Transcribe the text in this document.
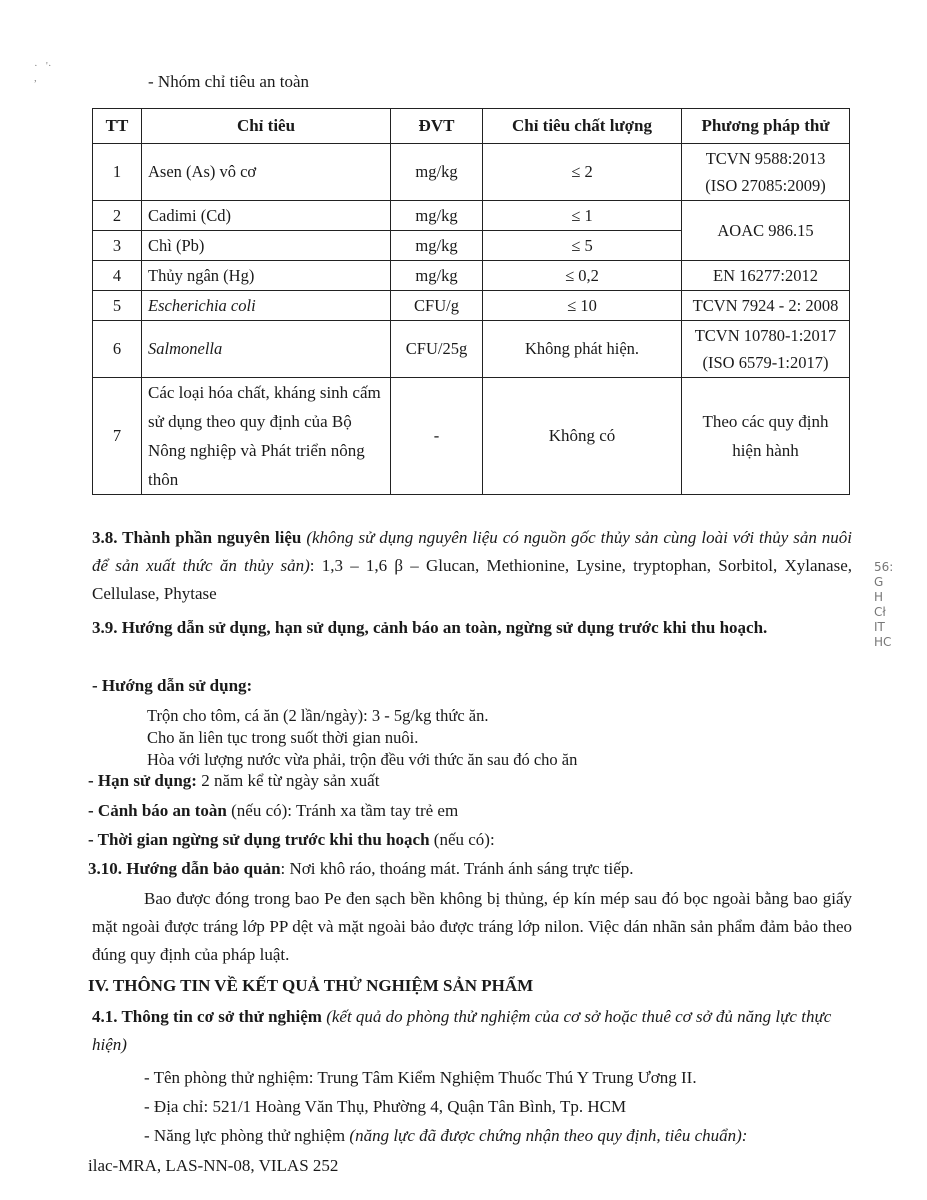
·   '·
,	- Nhóm chỉ tiêu an toàn
TT	Chỉ tiêu	ĐVT	Chỉ tiêu chất lượng	Phương pháp thử
1	Asen (As) vô cơ	mg/kg	≤ 2	TCVN 9588:2013
(ISO 27085:2009)

2	Cadimi (Cd)	mg/kg	≤ 1	AOAC 986.15
3	Chì (Pb)	mg/kg	≤ 5	
4	Thủy ngân (Hg)	mg/kg	≤ 0,2	EN 16277:2012
5	Escherichia coli	CFU/g	≤ 10	TCVN 7924 - 2: 2008
6	Salmonella	CFU/25g	Không phát hiện.	TCVN 10780-1:2017
(ISO 6579-1:2017)

7	Các loại hóa chất, kháng sinh cấm sử dụng theo quy định của Bộ Nông nghiệp và Phát triển nông thôn	-	Không có	Theo các quy định
hiện hành
3.8. Thành phần nguyên liệu (không sử dụng nguyên liệu có nguồn gốc thủy sản cùng loài với thủy sản nuôi để sản xuất thức ăn thủy sản): 1,3 – 1,6 β – Glucan, Methionine, Lysine, tryptophan, Sorbitol, Xylanase, Cellulase, Phytase
3.9. Hướng dẫn sử dụng, hạn sử dụng, cảnh báo an toàn, ngừng sử dụng trước khi thu hoạch.
- Hướng dẫn sử dụng:
Trộn cho tôm, cá ăn (2 lần/ngày): 3 - 5g/kg thức ăn.
Cho ăn liên tục trong suốt thời gian nuôi.
Hòa với lượng nước vừa phải, trộn đều với thức ăn sau đó cho ăn
- Hạn sử dụng: 2 năm kể từ ngày sản xuất
- Cảnh báo an toàn (nếu có): Tránh xa tầm tay trẻ em
- Thời gian ngừng sử dụng trước khi thu hoạch (nếu có):
3.10. Hướng dẫn bảo quản: Nơi khô ráo, thoáng mát. Tránh ánh sáng trực tiếp.
Bao được đóng trong bao Pe đen sạch bền không bị thủng, ép kín mép sau đó bọc ngoài bằng bao giấy mặt ngoài được tráng lớp PP dệt và mặt ngoài bảo được tráng lớp nilon. Việc dán nhãn sản phẩm đảm bảo theo đúng quy định của pháp luật.
IV. THÔNG TIN VỀ KẾT QUẢ THỬ NGHIỆM SẢN PHẨM
4.1. Thông tin cơ sở thử nghiệm (kết quả do phòng thử nghiệm của cơ sở hoặc thuê cơ sở đủ năng lực thực hiện)
- Tên phòng thử nghiệm: Trung Tâm Kiểm Nghiệm Thuốc Thú Y Trung Ương II.
- Địa chỉ: 521/1 Hoàng Văn Thụ, Phường 4, Quận Tân Bình, Tp. HCM
- Năng lực phòng thử nghiệm (năng lực đã được chứng nhận theo quy định, tiêu chuẩn):
ilac-MRA, LAS-NN-08, VILAS 252
56: G H Cł IT HC
